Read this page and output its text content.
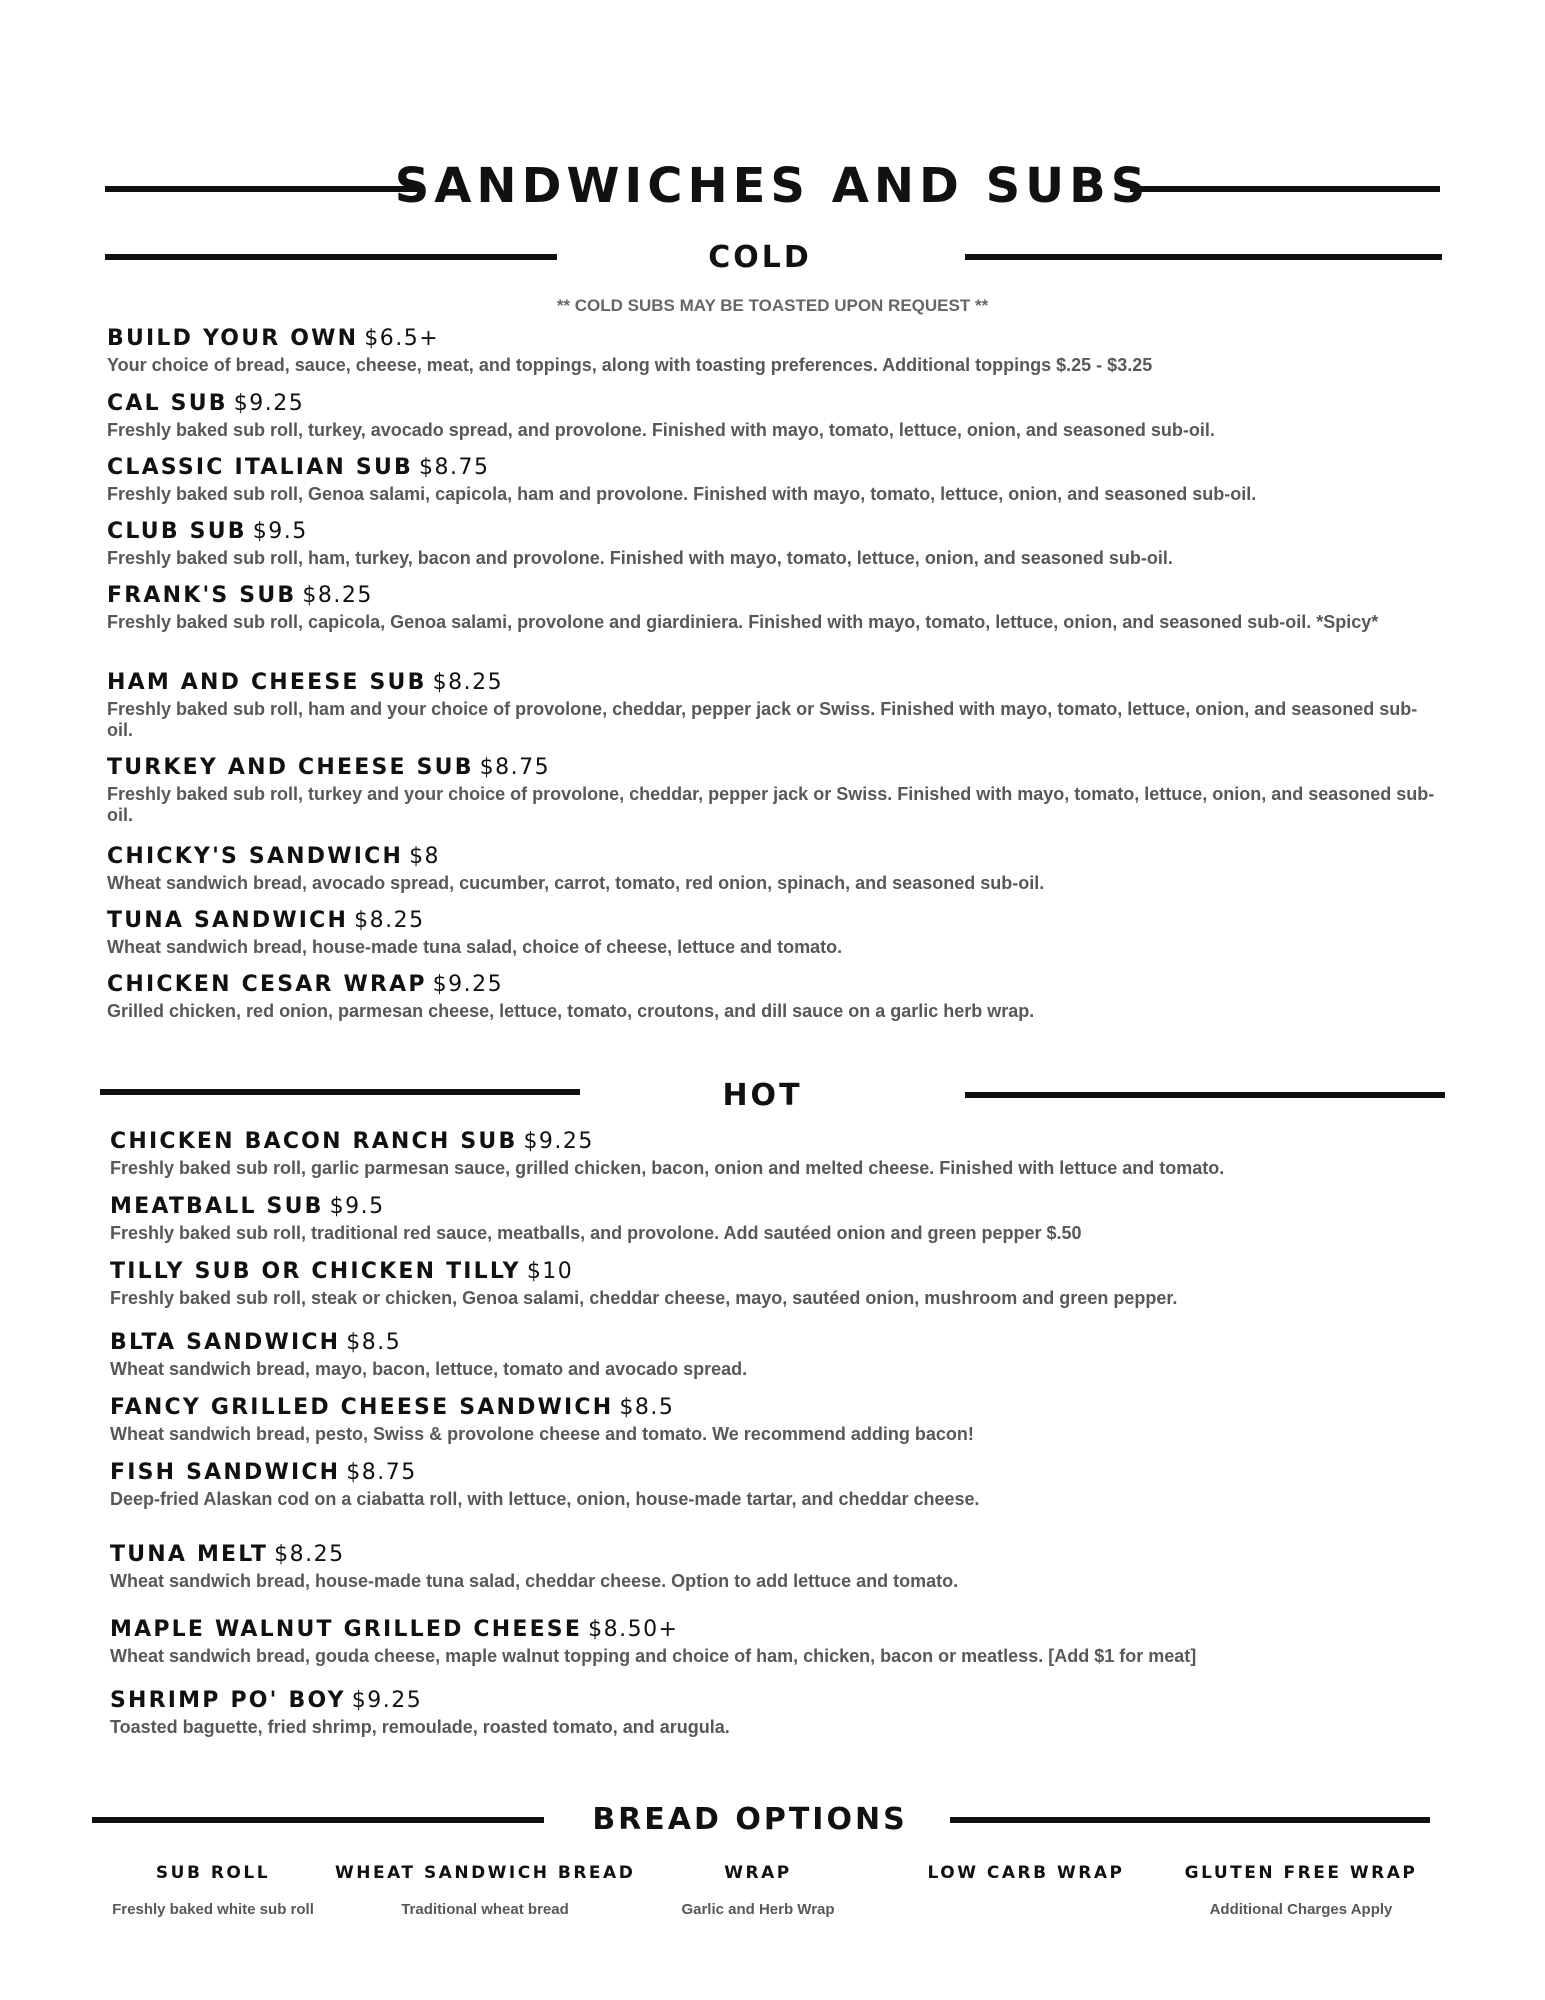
SANDWICHES AND SUBS
COLD
** COLD SUBS MAY BE TOASTED UPON REQUEST **
BUILD YOUR OWN $6.5+
Your choice of bread, sauce, cheese, meat, and toppings, along with toasting preferences. Additional toppings $.25 - $3.25
CAL SUB $9.25
Freshly baked sub roll, turkey, avocado spread, and provolone. Finished with mayo, tomato, lettuce, onion, and seasoned sub-oil.
CLASSIC ITALIAN SUB $8.75
Freshly baked sub roll, Genoa salami, capicola, ham and provolone. Finished with mayo, tomato, lettuce, onion, and seasoned sub-oil.
CLUB SUB $9.5
Freshly baked sub roll, ham, turkey, bacon and provolone. Finished with mayo, tomato, lettuce, onion, and seasoned sub-oil.
FRANK'S SUB $8.25
Freshly baked sub roll, capicola, Genoa salami, provolone and giardiniera. Finished with mayo, tomato, lettuce, onion, and seasoned sub-oil. *Spicy*
HAM AND CHEESE SUB $8.25
Freshly baked sub roll, ham and your choice of provolone, cheddar, pepper jack or Swiss. Finished with mayo, tomato, lettuce, onion, and seasoned sub-oil.
TURKEY AND CHEESE SUB $8.75
Freshly baked sub roll, turkey and your choice of provolone, cheddar, pepper jack or Swiss. Finished with mayo, tomato, lettuce, onion, and seasoned sub-oil.
CHICKY'S SANDWICH $8
Wheat sandwich bread, avocado spread, cucumber, carrot, tomato, red onion, spinach, and seasoned sub-oil.
TUNA SANDWICH $8.25
Wheat sandwich bread, house-made tuna salad, choice of cheese, lettuce and tomato.
CHICKEN CESAR WRAP $9.25
Grilled chicken, red onion, parmesan cheese, lettuce, tomato, croutons, and dill sauce on a garlic herb wrap.
HOT
CHICKEN BACON RANCH SUB $9.25
Freshly baked sub roll, garlic parmesan sauce, grilled chicken, bacon, onion and melted cheese. Finished with lettuce and tomato.
MEATBALL SUB $9.5
Freshly baked sub roll, traditional red sauce, meatballs, and provolone. Add sautéed onion and green pepper $.50
TILLY SUB OR CHICKEN TILLY $10
Freshly baked sub roll, steak or chicken, Genoa salami, cheddar cheese, mayo, sautéed onion, mushroom and green pepper.
BLTA SANDWICH $8.5
Wheat sandwich bread, mayo, bacon, lettuce, tomato and avocado spread.
FANCY GRILLED CHEESE SANDWICH $8.5
Wheat sandwich bread, pesto, Swiss & provolone cheese and tomato. We recommend adding bacon!
FISH SANDWICH $8.75
Deep-fried Alaskan cod on a ciabatta roll, with lettuce, onion, house-made tartar, and cheddar cheese.
TUNA MELT $8.25
Wheat sandwich bread, house-made tuna salad, cheddar cheese. Option to add lettuce and tomato.
MAPLE WALNUT GRILLED CHEESE $8.50+
Wheat sandwich bread, gouda cheese, maple walnut topping and choice of ham, chicken, bacon or meatless. [Add $1 for meat]
SHRIMP PO' BOY $9.25
Toasted baguette, fried shrimp, remoulade, roasted tomato, and arugula.
BREAD OPTIONS
SUB ROLL
Freshly baked white sub roll
WHEAT SANDWICH BREAD
Traditional wheat bread
WRAP
Garlic and Herb Wrap
LOW CARB WRAP	GLUTEN FREE WRAP
Additional Charges Apply
